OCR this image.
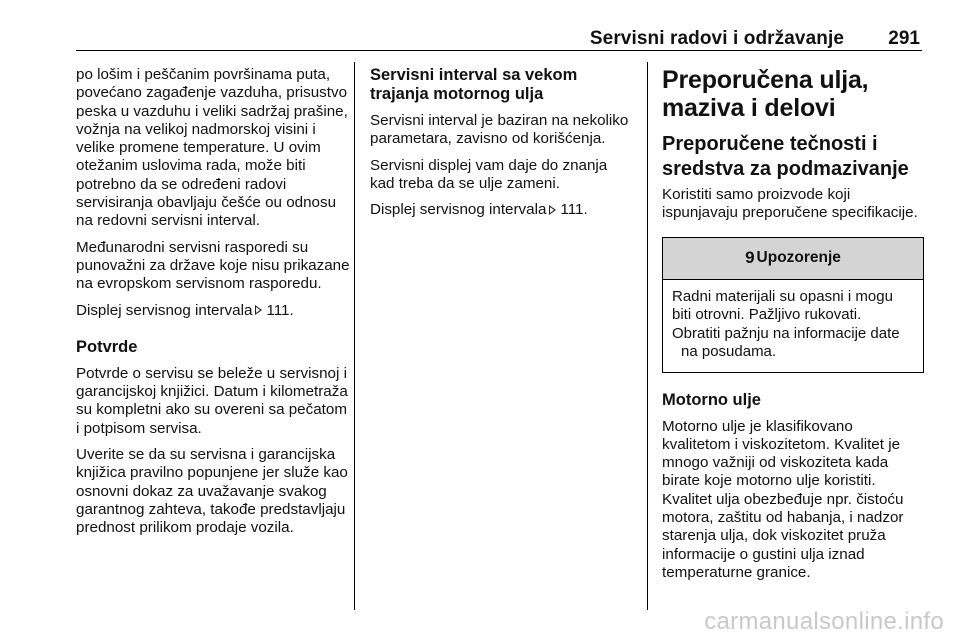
Servisni radovi i održavanje 291

po lošim i peščanim površinama puta, povećano zagađenje vazduha, prisustvo peska u vazduhu i veliki sadržaj prašine, vožnja na velikoj nadmorskoj visini i velike promene temperature. U ovim otežanim uslovima rada, može biti potrebno da se određeni radovi servisiranja obavljaju češće ou odnosu na redovni servisni interval.

Međunarodni servisni rasporedi su punovažni za države koje nisu prikazane na evropskom servisnom rasporedu.

Displej servisnog intervala 111.

Potvrde

Potvrde o servisu se beleže u servisnoj i garancijskoj knjižici. Datum i kilometraža su kompletni ako su overeni sa pečatom i potpisom servisa.

Uverite se da su servisna i garancijska knjižica pravilno popunjene jer služe kao osnovni dokaz za uvažavanje svakog garantnog zahteva, takođe predstavljaju prednost prilikom prodaje vozila.

Servisni interval sa vekom trajanja motornog ulja

Servisni interval je baziran na nekoliko parametara, zavisno od korišćenja.

Servisni displej vam daje do znanja kad treba da se ulje zameni.

Displej servisnog intervala 111.

Preporučena ulja, maziva i delovi
Preporučene tečnosti i sredstva za podmazivanje

Koristiti samo proizvode koji ispunjavaju preporučene specifikacije.

9 Upozorenje

Radni materijali su opasni i mogu biti otrovni. Pažljivo rukovati.

Obratiti pažnju na informacije date na posudama.

Motorno ulje

Motorno ulje je klasifikovano kvalitetom i viskozitetom. Kvalitet je mnogo važniji od viskoziteta kada birate koje motorno ulje koristiti. Kvalitet ulja obezbeđuje npr. čistoću motora, zaštitu od habanja, i nadzor starenja ulja, dok viskozitet pruža informacije o gustini ulja iznad temperaturne granice.

carmanualsonline.info
